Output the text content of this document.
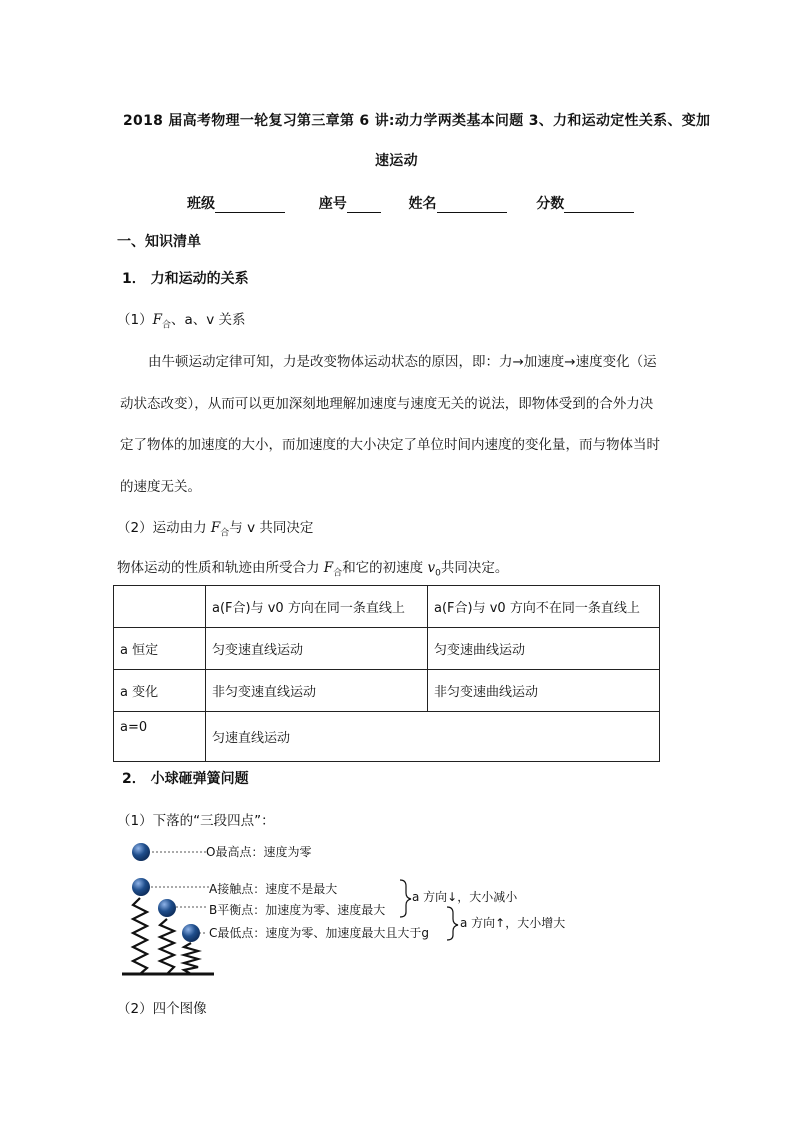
2018 届高考物理一轮复习第三章第 6 讲:动力学两类基本问题 3、力和运动定性关系、变加
速运动
班级	座号	姓名	分数
一、知识清单
1． 力和运动的关系
$(1)F_合$、a、v 关系
由牛顿运动定律可知，力是改变物体运动状态的原因，即：力→加速度→速度变化（运
动状态改变），从而可以更加深刻地理解加速度与速度无关的说法，即物体受到的合外力决
定了物体的加速度的大小，而加速度的大小决定了单位时间内速度的变化量，而与物体当时
的速度无关。
（2）运动由力 $F_合$与 v 共同决定
物体运动的性质和轨迹由所受合力 $F_合$和它的初速度 $v_0$共同决定。
	a(F合)与 v0 方向在同一条直线上	a(F合)与 v0 方向不在同一条直线上
a 恒定	匀变速直线运动	匀变速曲线运动
a 变化	非匀变速直线运动	非匀变速曲线运动
a=0	匀速直线运动	
2． 小球砸弹簧问题
（1）下落的“三段四点”：
O最高点：速度为零
A接触点：速度不是最大
B平衡点：加速度为零、速度最大
C最低点：速度为零、加速度最大且大于g
a 方向↓，大小减小
a 方向↑，大小增大
（2）四个图像
